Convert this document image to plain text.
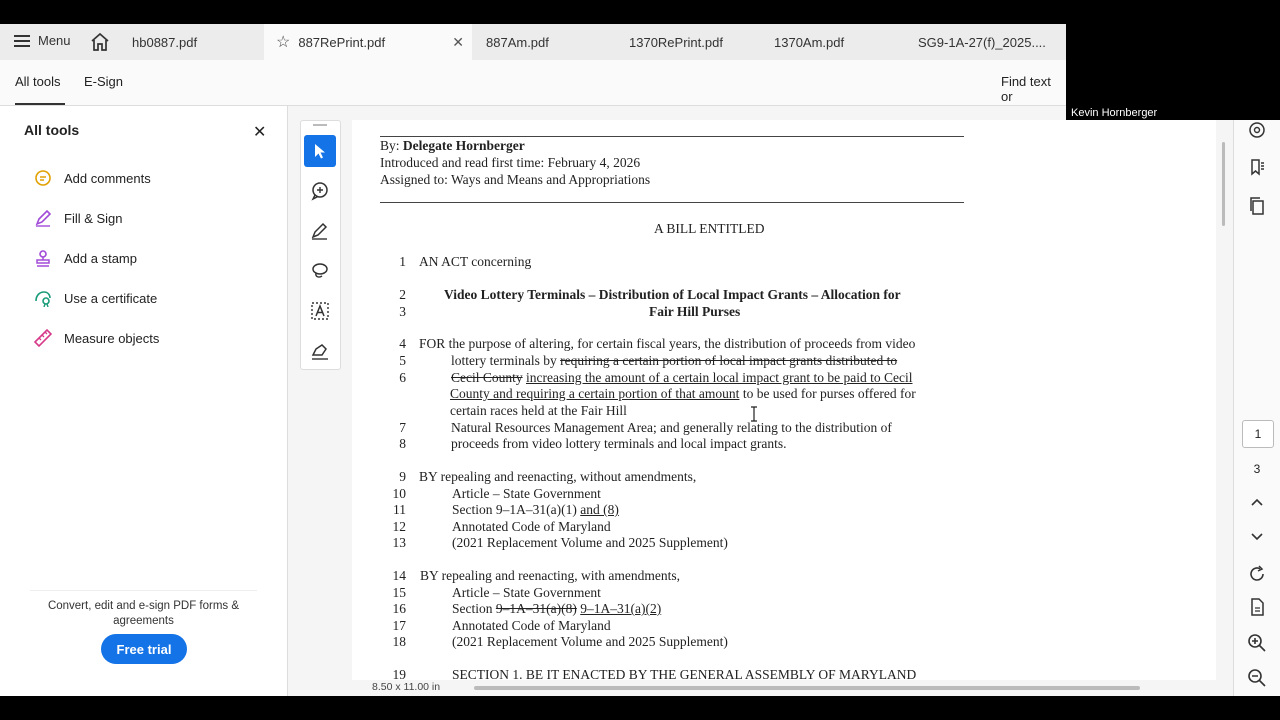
Menu	hb0887.pdf	☆ 887RePrint.pdf	✕ 887Am.pdf	1370RePrint.pdf	1370Am.pdf	SG9-1A-27(f)_2025....
All tools E-Sign	Find text or
Kevin Hornberger
All tools	✕
Add comments
Fill & Sign
Add a stamp
Use a certificate
Measure objects
Convert, edit and e-sign PDF forms & agreements
Free trial
By: Delegate Hornberger
Introduced and read first time: February 4, 2026
Assigned to: Ways and Means and Appropriations
A BILL ENTITLED
1
2
3
4
5
6
7
8
9
10
11
12
13
14
15
16
17
18
19
AN ACT concerning
Video Lottery Terminals – Distribution of Local Impact Grants – Allocation for
Fair Hill Purses
FOR the purpose of altering, for certain fiscal years, the distribution of proceeds from video
lottery terminals by requiring a certain portion of local impact grants distributed to
Cecil County increasing the amount of a certain local impact grant to be paid to Cecil
County and requiring a certain portion of that amount to be used for purses offered for
certain races held at the Fair Hill
Natural Resources Management Area; and generally relating to the distribution of
proceeds from video lottery terminals and local impact grants.
BY repealing and reenacting, without amendments,
Article – State Government
Section 9–1A–31(a)(1) and (8)
Annotated Code of Maryland
(2021 Replacement Volume and 2025 Supplement)
BY repealing and reenacting, with amendments,
Article – State Government
Section 9–1A–31(a)(8) 9–1A–31(a)(2)
Annotated Code of Maryland
(2021 Replacement Volume and 2025 Supplement)
SECTION 1. BE IT ENACTED BY THE GENERAL ASSEMBLY OF MARYLAND
8.50 x 11.00 in
1
3
